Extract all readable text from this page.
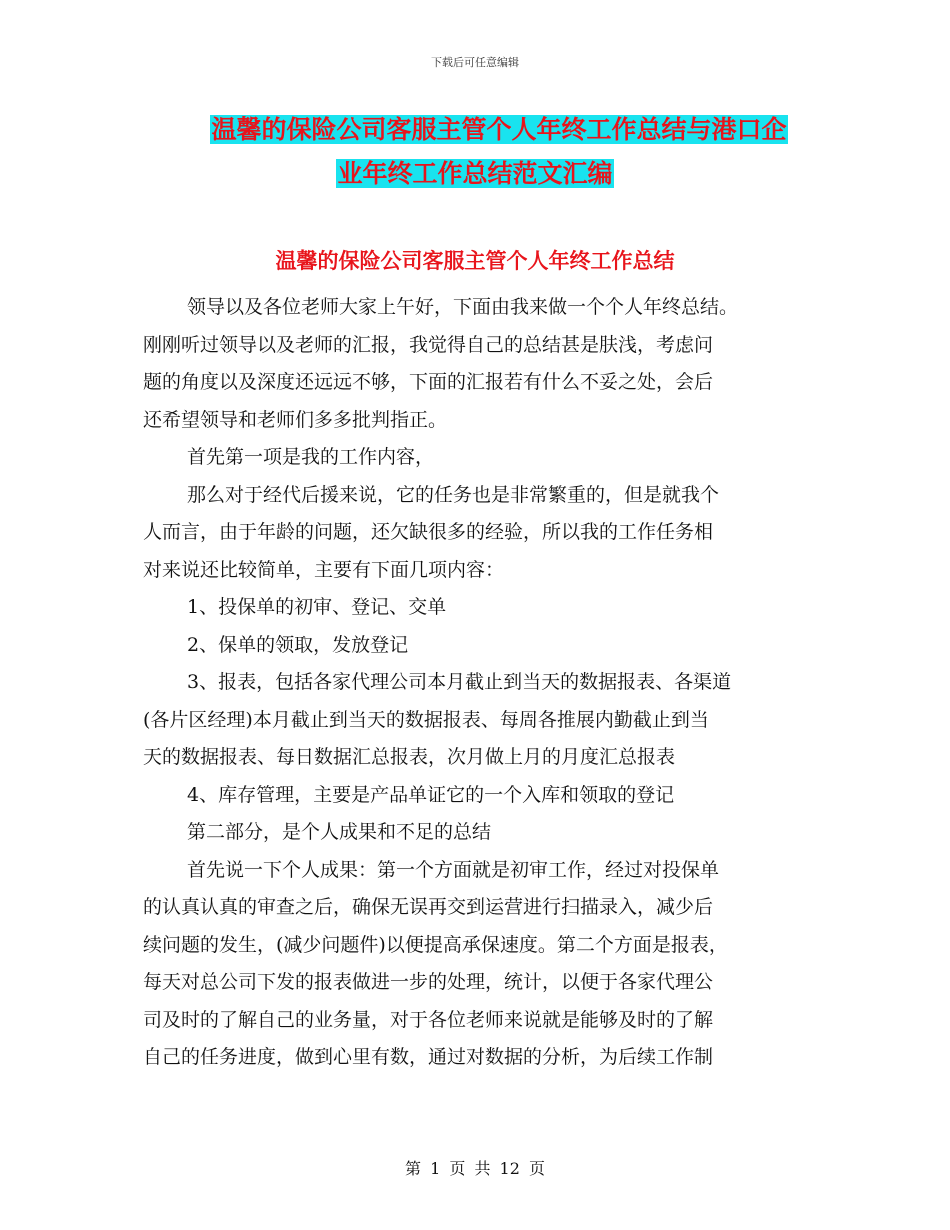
下载后可任意编辑
温馨的保险公司客服主管个人年终工作总结与港口企
业年终工作总结范文汇编
温馨的保险公司客服主管个人年终工作总结
领导以及各位老师大家上午好，下面由我来做一个个人年终总结。
刚刚听过领导以及老师的汇报，我觉得自己的总结甚是肤浅，考虑问
题的角度以及深度还远远不够，下面的汇报若有什么不妥之处，会后
还希望领导和老师们多多批判指正。
首先第一项是我的工作内容，
那么对于经代后援来说，它的任务也是非常繁重的，但是就我个
人而言，由于年龄的问题，还欠缺很多的经验，所以我的工作任务相
对来说还比较简单，主要有下面几项内容：
1、投保单的初审、登记、交单
2、保单的领取，发放登记
3、报表，包括各家代理公司本月截止到当天的数据报表、各渠道
(各片区经理)本月截止到当天的数据报表、每周各推展内勤截止到当
天的数据报表、每日数据汇总报表，次月做上月的月度汇总报表
4、库存管理，主要是产品单证它的一个入库和领取的登记
第二部分，是个人成果和不足的总结
首先说一下个人成果：第一个方面就是初审工作，经过对投保单
的认真认真的审查之后，确保无误再交到运营进行扫描录入，减少后
续问题的发生，(减少问题件)以便提高承保速度。第二个方面是报表，
每天对总公司下发的报表做进一步的处理，统计，以便于各家代理公
司及时的了解自己的业务量，对于各位老师来说就是能够及时的了解
自己的任务进度，做到心里有数，通过对数据的分析，为后续工作制
第 1 页 共 12 页
